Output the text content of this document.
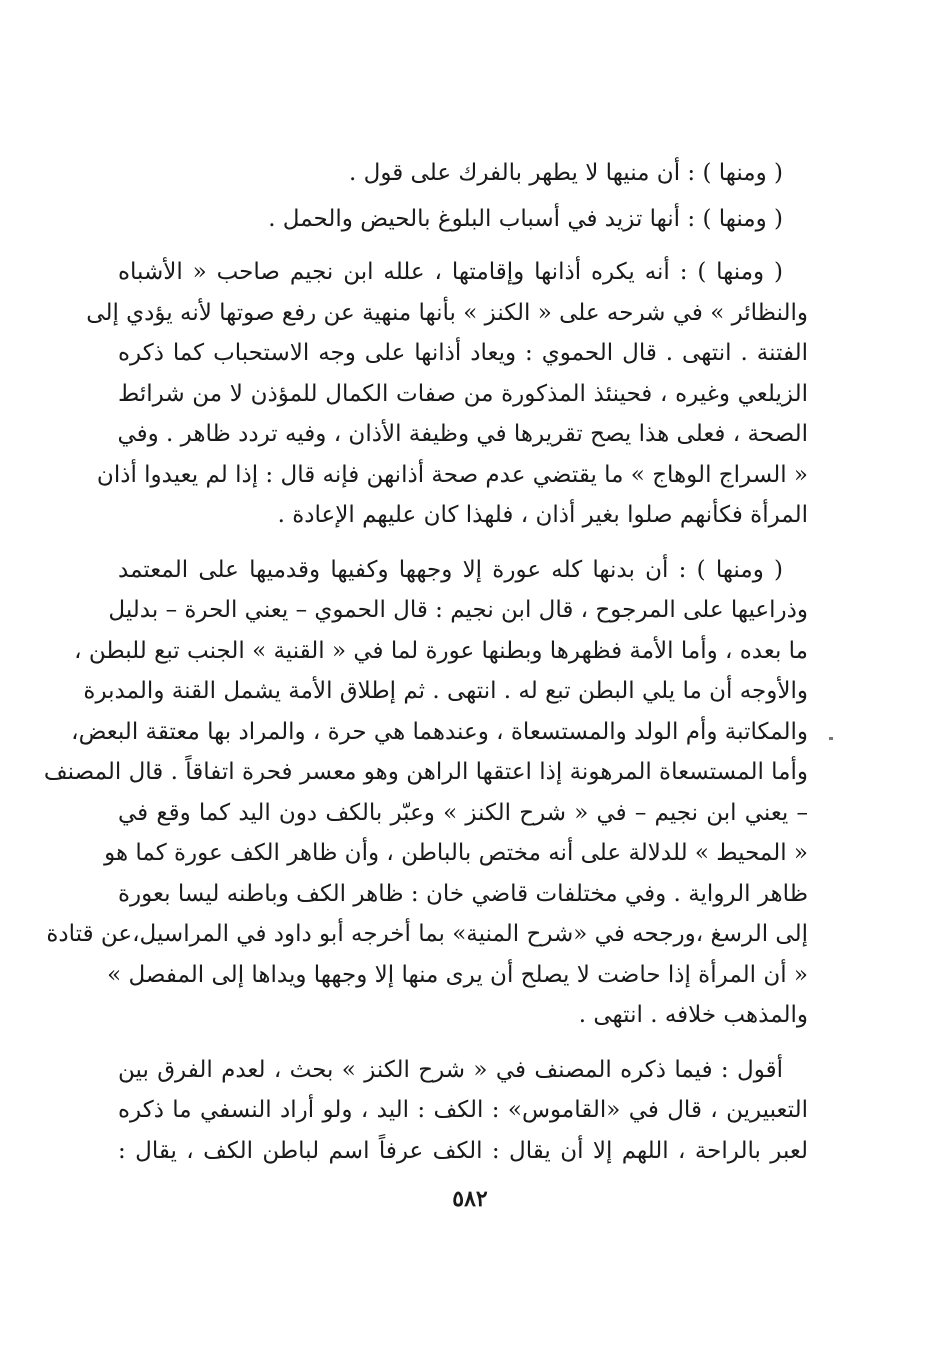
( ومنها ) : أن منيها لا يطهر بالفرك على قول .

( ومنها ) : أنها تزيد في أسباب البلوغ بالحيض والحمل .

( ومنها ) : أنه يكره أذانها وإقامتها ، علله ابن نجيم صاحب « الأشباه

والنظائر » في شرحه على « الكنز » بأنها منهية عن رفع صوتها لأنه يؤدي إلى

الفتنة . انتهى . قال الحموي : ويعاد أذانها على وجه الاستحباب كما ذكره

الزيلعي وغيره ، فحينئذ المذكورة من صفات الكمال للمؤذن لا من شرائط

الصحة ، فعلى هذا يصح تقريرها في وظيفة الأذان ، وفيه تردد ظاهر . وفي

« السراج الوهاج » ما يقتضي عدم صحة أذانهن فإنه قال : إذا لم يعيدوا أذان

المرأة فكأنهم صلوا بغير أذان ، فلهذا كان عليهم الإعادة .

( ومنها ) : أن بدنها كله عورة إلا وجهها وكفيها وقدميها على المعتمد

وذراعيها على المرجوح ، قال ابن نجيم : قال الحموي – يعني الحرة – بدليل

ما بعده ، وأما الأمة فظهرها وبطنها عورة لما في « القنية » الجنب تبع للبطن ،

والأوجه أن ما يلي البطن تبع له . انتهى . ثم إطلاق الأمة يشمل القنة والمدبرة

والمكاتبة وأم الولد والمستسعاة ، وعندهما هي حرة ، والمراد بها معتقة البعض،

وأما المستسعاة المرهونة إذا اعتقها الراهن وهو معسر فحرة اتفاقاً . قال المصنف

– يعني ابن نجيم – في « شرح الكنز » وعبّر بالكف دون اليد كما وقع في

« المحيط » للدلالة على أنه مختص بالباطن ، وأن ظاهر الكف عورة كما هو

ظاهر الرواية . وفي مختلفات قاضي خان : ظاهر الكف وباطنه ليسا بعورة

إلى الرسغ ،ورجحه في «شرح المنية» بما أخرجه أبو داود في المراسيل،عن قتادة

« أن المرأة إذا حاضت لا يصلح أن يرى منها إلا وجهها ويداها إلى المفصل »

والمذهب خلافه . انتهى .

أقول : فيما ذكره المصنف في « شرح الكنز » بحث ، لعدم الفرق بين

التعبيرين ، قال في «القاموس» : الكف : اليد ، ولو أراد النسفي ما ذكره

لعبر بالراحة ، اللهم إلا أن يقال : الكف عرفاً اسم لباطن الكف ، يقال :

٥٨٢
